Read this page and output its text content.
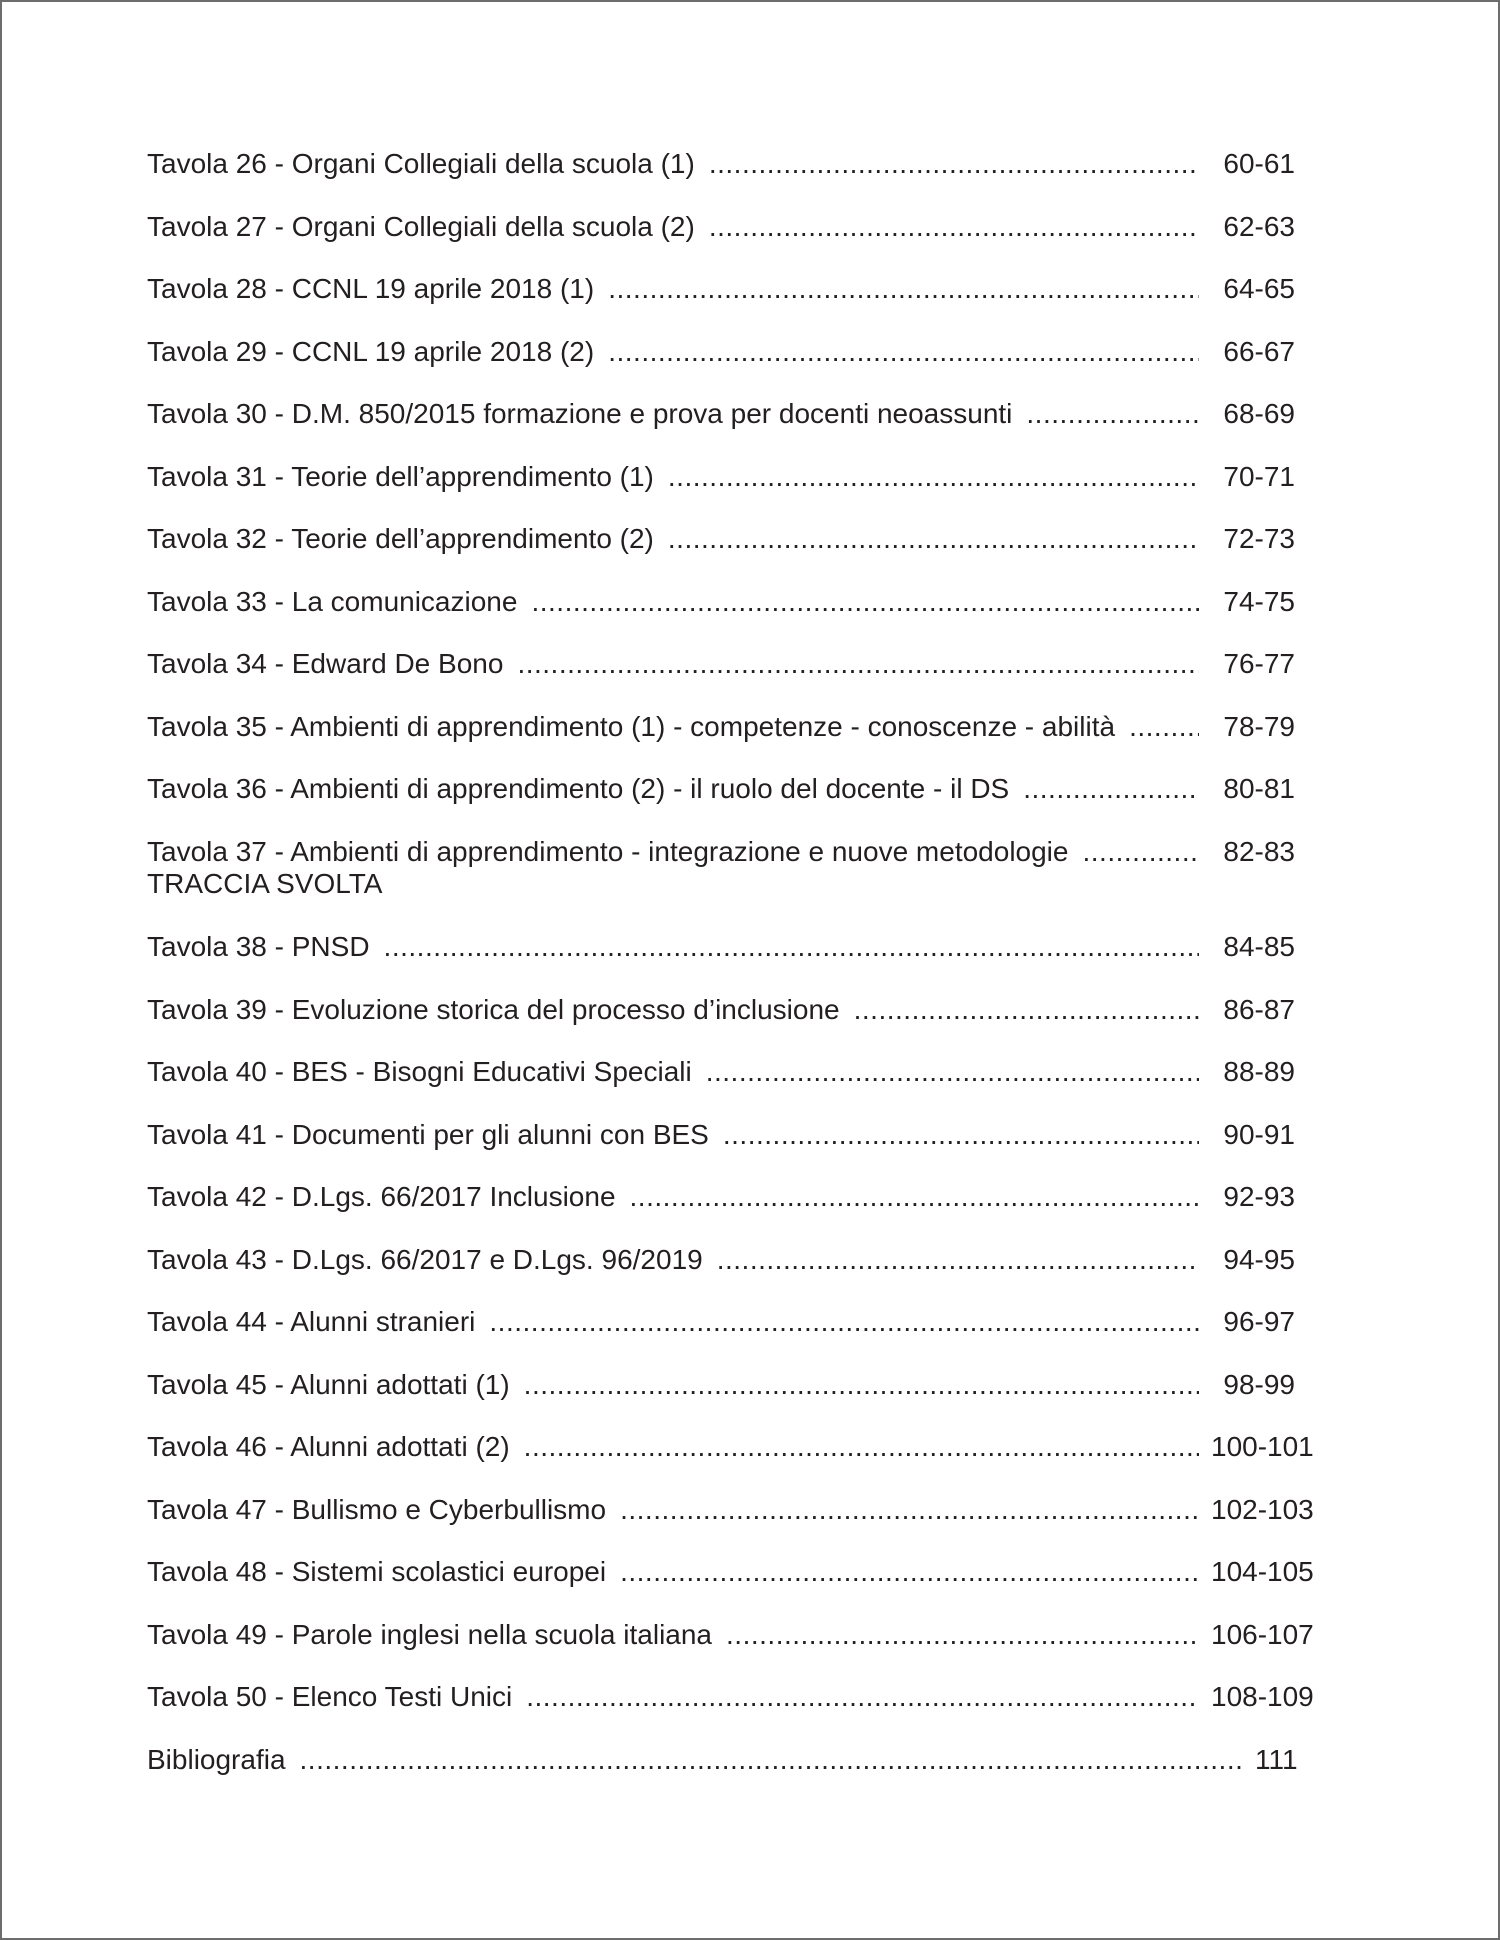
Tavola 26 - Organi Collegiali della scuola (1) .....	60-61
Tavola 27 - Organi Collegiali della scuola (2) .....	62-63
Tavola 28 - CCNL 19 aprile 2018 (1) .....	64-65
Tavola 29 - CCNL 19 aprile 2018 (2) .....	66-67
Tavola 30 - D.M. 850/2015 formazione e prova per docenti neoassunti .....	68-69
Tavola 31 - Teorie dell’apprendimento (1) .....	70-71
Tavola 32 - Teorie dell’apprendimento (2) .....	72-73
Tavola 33 - La comunicazione .....	74-75
Tavola 34 - Edward De Bono .....	76-77
Tavola 35 - Ambienti di apprendimento (1) - competenze - conoscenze - abilità .....	78-79
Tavola 36 - Ambienti di apprendimento (2) - il ruolo del docente - il DS .....	80-81
Tavola 37 - Ambienti di apprendimento - integrazione e nuove metodologie .....	82-83
TRACCIA SVOLTA
Tavola 38 - PNSD .....	84-85
Tavola 39 - Evoluzione storica del processo d’inclusione .....	86-87
Tavola 40 - BES - Bisogni Educativi Speciali .....	88-89
Tavola 41 - Documenti per gli alunni con BES .....	90-91
Tavola 42 - D.Lgs. 66/2017 Inclusione .....	92-93
Tavola 43 - D.Lgs. 66/2017 e D.Lgs. 96/2019 .....	94-95
Tavola 44 - Alunni stranieri .....	96-97
Tavola 45 - Alunni adottati (1) .....	98-99
Tavola 46 - Alunni adottati (2) .....	100-101
Tavola 47 - Bullismo e Cyberbullismo .....	102-103
Tavola 48 - Sistemi scolastici europei .....	104-105
Tavola 49 - Parole inglesi nella scuola italiana .....	106-107
Tavola 50 - Elenco Testi Unici .....	108-109
Bibliografia .....	111
